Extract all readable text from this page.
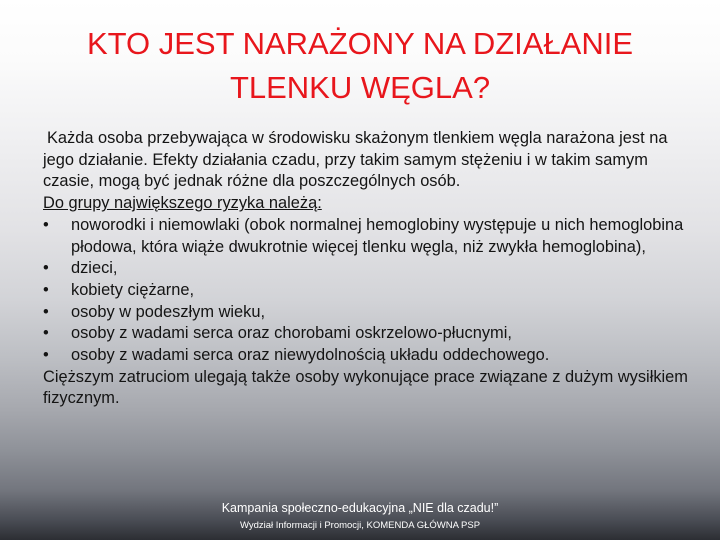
KTO JEST NARAŻONY NA DZIAŁANIE
TLENKU WĘGLA?

Każda osoba przebywająca w środowisku skażonym tlenkiem węgla narażona jest na jego działanie. Efekty działania czadu, przy takim samym stężeniu i w takim samym czasie, mogą być jednak różne dla poszczególnych osób.

Do grupy największego ryzyka należą:

• noworodki i niemowlaki (obok normalnej hemoglobiny występuje u nich hemoglobina płodowa, która wiąże dwukrotnie więcej tlenku węgla, niż zwykła hemoglobina),
• dzieci,
• kobiety ciężarne,
• osoby w podeszłym wieku,
• osoby z wadami serca oraz chorobami oskrzelowo-płucnymi,
• osoby z wadami serca oraz niewydolnością układu oddechowego.

Cięższym zatruciom ulegają także osoby wykonujące prace związane z dużym wysiłkiem fizycznym.

Kampania społeczno-edukacyjna „NIE dla czadu!”
Wydział Informacji i Promocji, KOMENDA GŁÓWNA PSP
